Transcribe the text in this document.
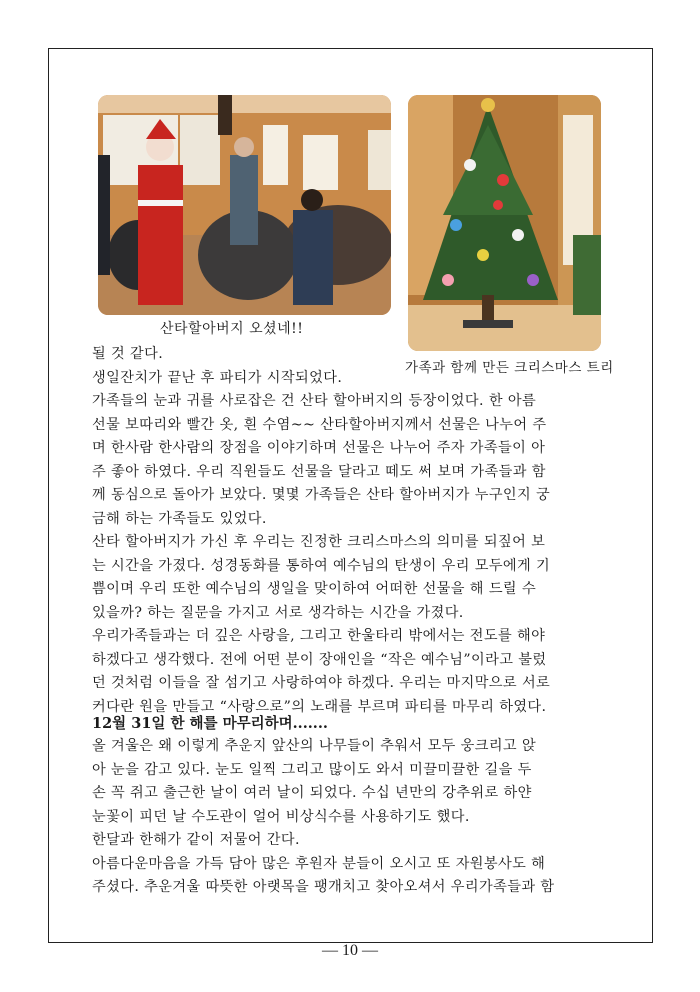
산타할아버지 오셨네!!
가족과 함께 만든 크리스마스 트리

될 것 같다.

생일잔치가 끝난 후 파티가 시작되었다.

가족들의 눈과 귀를 사로잡은 건 산타 할아버지의 등장이었다. 한 아름

선물 보따리와 빨간 옷, 흰 수염~~ 산타할아버지께서 선물은 나누어 주

며 한사람 한사람의 장점을 이야기하며 선물은 나누어 주자 가족들이 아

주 좋아 하였다. 우리 직원들도 선물을 달라고 떼도 써 보며 가족들과 함

께 동심으로 돌아가 보았다. 몇몇 가족들은 산타 할아버지가 누구인지 궁

금해 하는 가족들도 있었다.

산타 할아버지가 가신 후 우리는 진정한 크리스마스의 의미를 되짚어 보

는 시간을 가졌다. 성경동화를 통하여 예수님의 탄생이 우리 모두에게 기

쁨이며 우리 또한 예수님의 생일을 맞이하여 어떠한 선물을 해 드릴 수

있을까? 하는 질문을 가지고 서로 생각하는 시간을 가졌다.

우리가족들과는 더 깊은 사랑을, 그리고 한울타리 밖에서는 전도를 해야

하겠다고 생각했다. 전에 어떤 분이 장애인을 “작은 예수님”이라고 불렀

던 것처럼 이들을 잘 섬기고 사랑하여야 하겠다. 우리는 마지막으로 서로

커다란 원을 만들고 “사랑으로”의 노래를 부르며 파티를 마무리 하였다.

12월 31일 한 해를 마무리하며.......

올 겨울은 왜 이렇게 추운지 앞산의 나무들이 추워서 모두 웅크리고 앉

아 눈을 감고 있다. 눈도 일찍 그리고 많이도 와서 미끌미끌한 길을 두

손 꼭 쥐고 출근한 날이 여러 날이 되었다. 수십 년만의 강추위로 하얀

눈꽃이 피던 날 수도관이 얼어 비상식수를 사용하기도 했다.

한달과 한해가 같이 저물어 간다.

아름다운마음을 가득 담아 많은 후원자 분들이 오시고 또 자원봉사도 해

주셨다. 추운겨울 따뜻한 아랫목을 팽개치고 찾아오셔서 우리가족들과 함

— 10 —
